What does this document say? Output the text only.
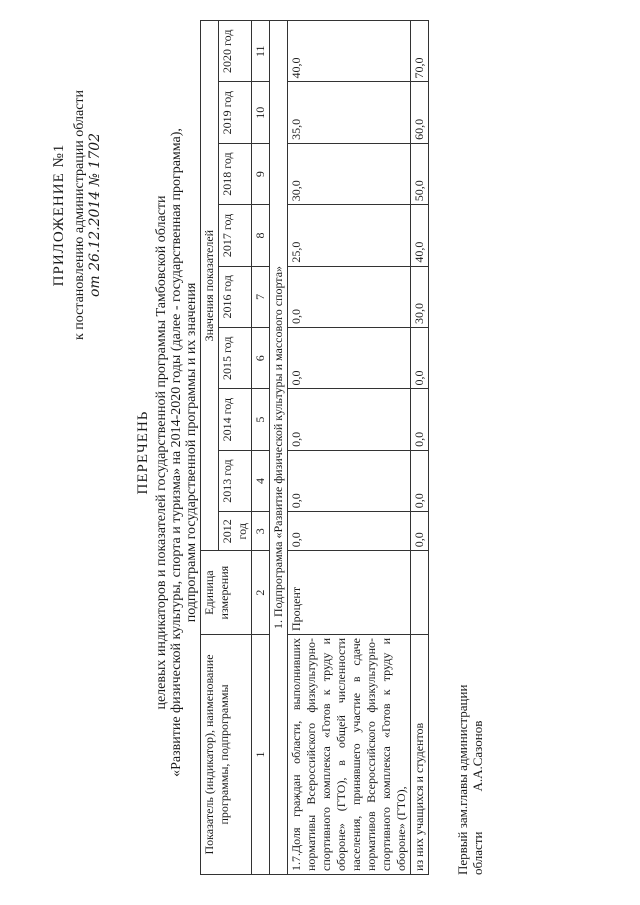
ПРИЛОЖЕНИЕ №1 к постановлению администрации области от 26.12.2014 № 1702
ПЕРЕЧЕНЬ целевых индикаторов и показателей государственной программы Тамбовской области «Развитие физической культуры, спорта и туризма» на 2014-2020 годы (далее - государственная программа), подпрограмм государственной программы и их значения
Показатель (индикатор), наименование программы, подпрограммы	Единица измерения	Значения показателей								
		2012 год	2013 год	2014 год	2015 год	2016 год	2017 год	2018 год	2019 год	2020 год
1	2	3	4	5	6	7	8	9	10	11
1. Подпрограмма «Развитие физической культуры и массового спорта»										
1.7.Доля граждан области, выполнивших нормативы Всероссийского физкультурно-спортивного комплекса «Готов к труду и обороне» (ГТО), в общей численности населения, принявшего участие в сдаче нормативов Всероссийского физкультурно-спортивного комплекса «Готов к труду и обороне» (ГТО),	Процент	0,0	0,0	0,0	0,0	0,0	25,0	30,0	35,0	40,0
из них учащихся и студентов		0,0	0,0	0,0	0,0	30,0	40,0	50,0	60,0	70,0
Первый зам.главы администрации областиА.А.Сазонов
